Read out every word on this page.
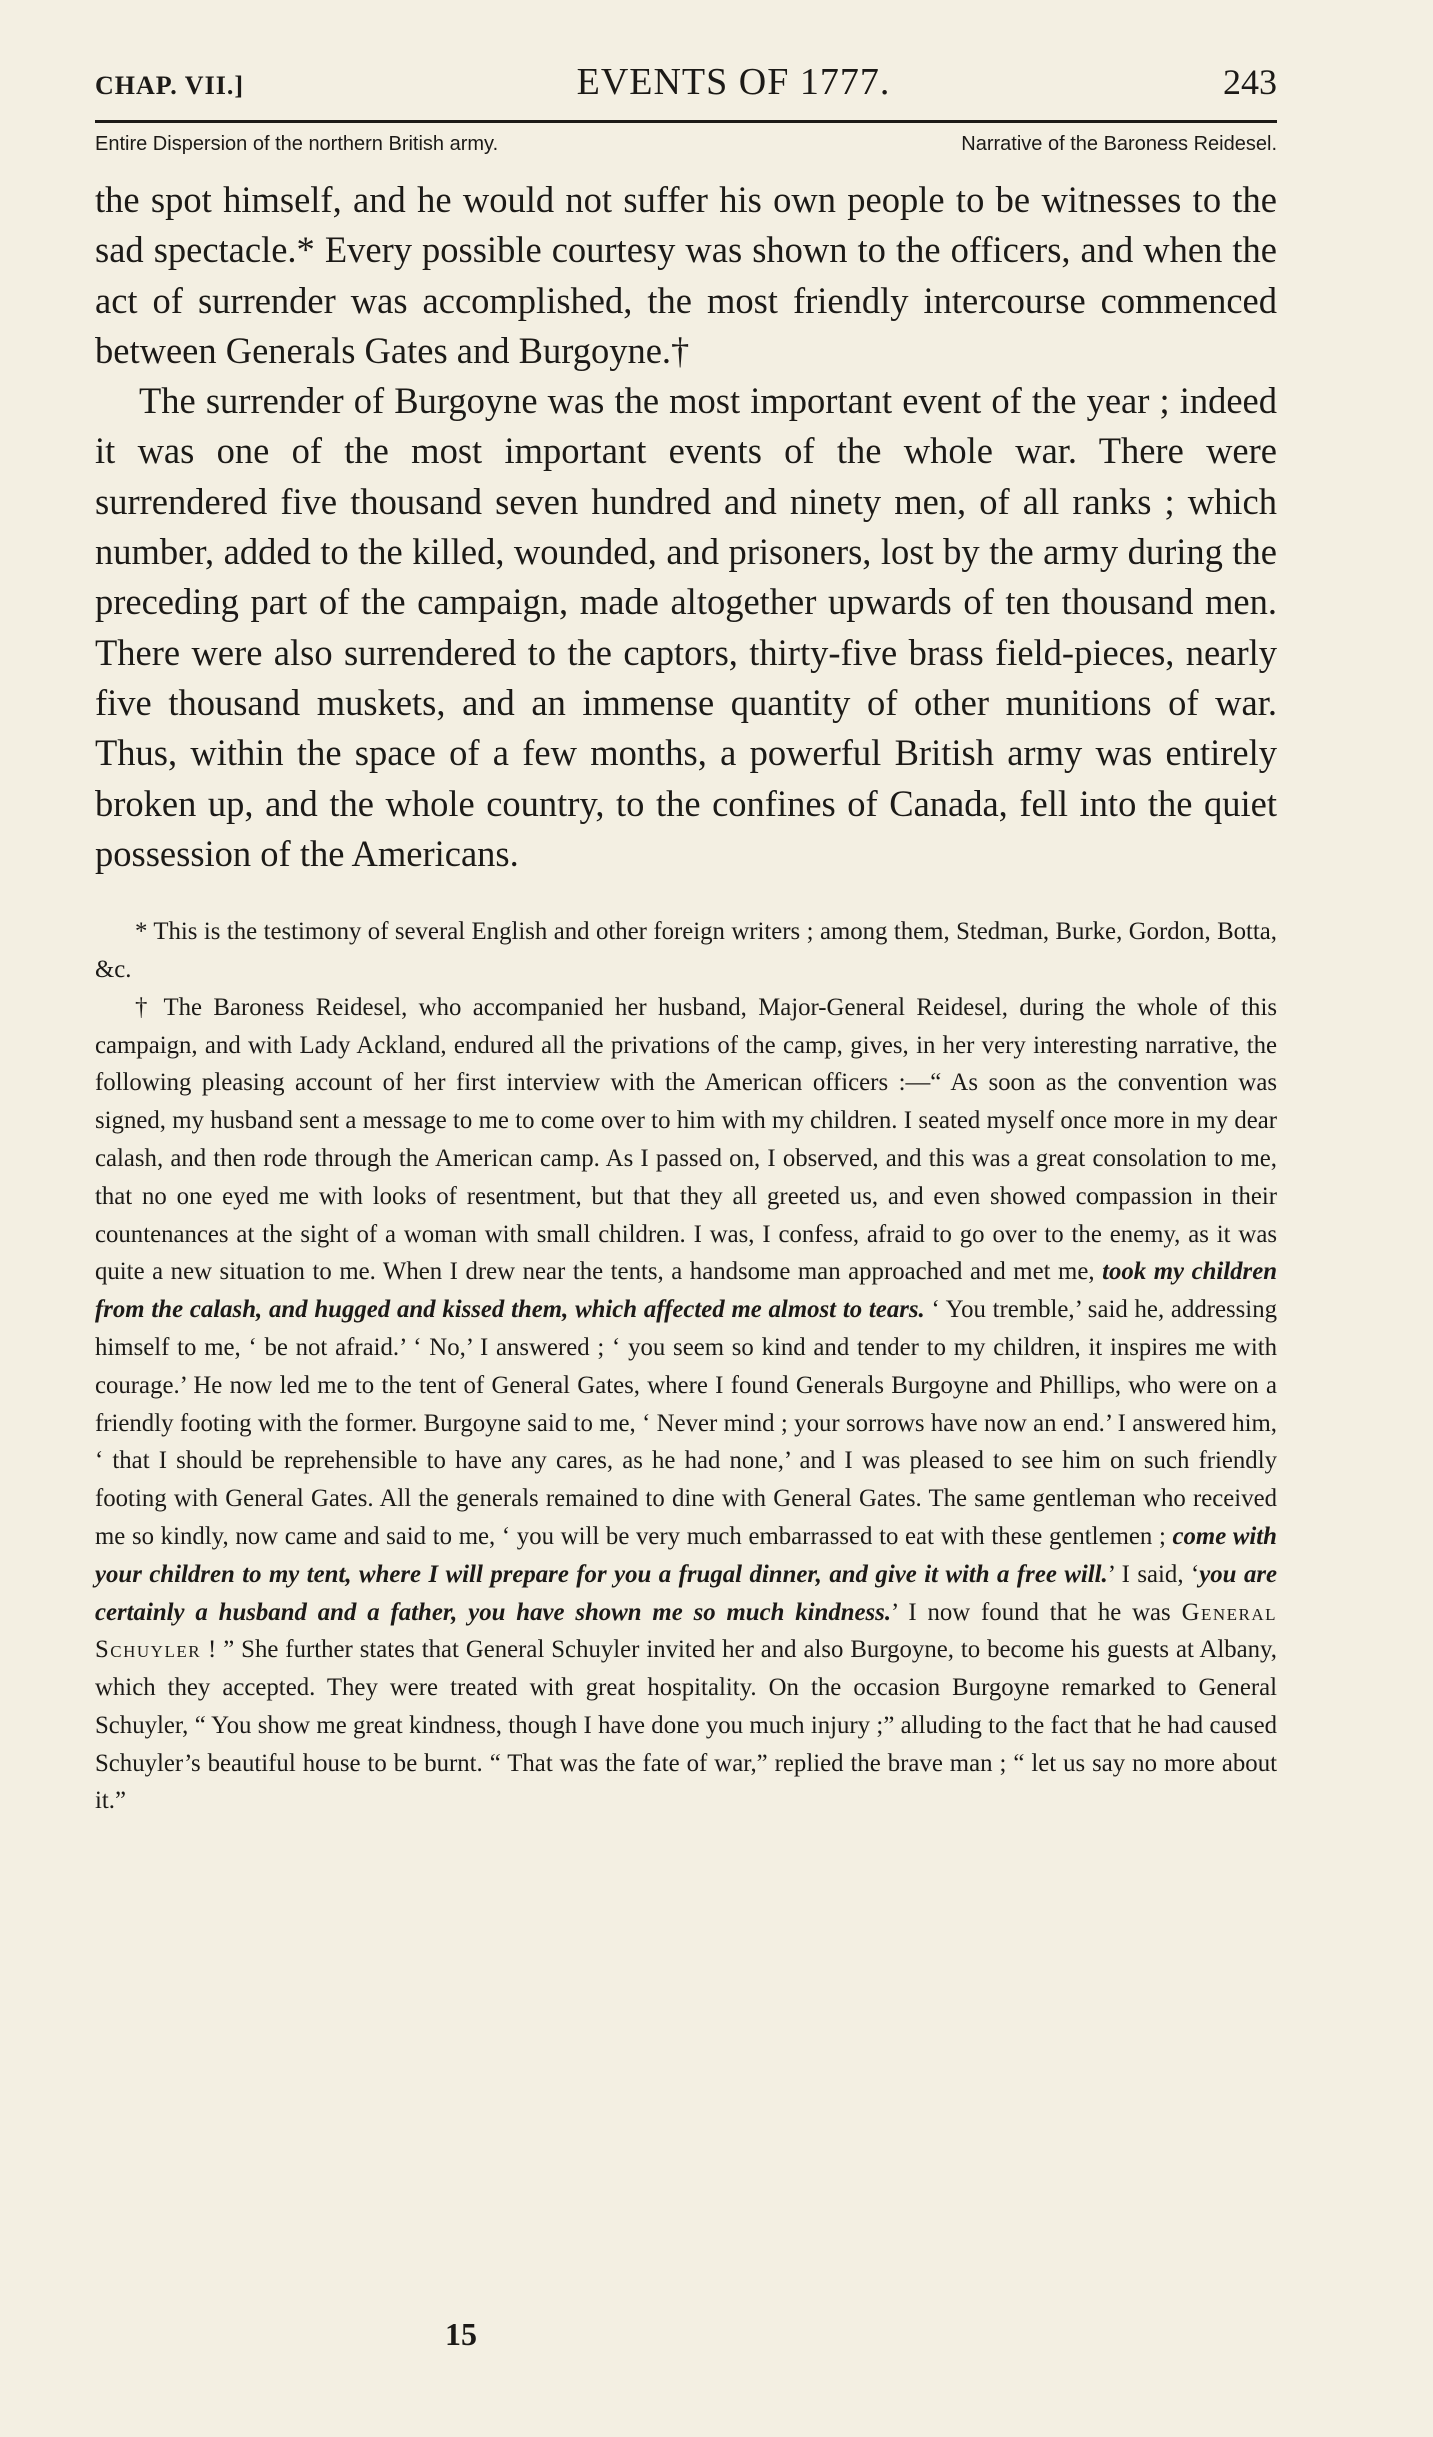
CHAP. VII.]	EVENTS OF 1777.	243
Entire Dispersion of the northern British army.	Narrative of the Baroness Reidesel.

the spot himself, and he would not suffer his own people to be witnesses to the sad spectacle.* Every possible courtesy was shown to the officers, and when the act of surrender was accomplished, the most friendly intercourse commenced between Generals Gates and Burgoyne.†

The surrender of Burgoyne was the most important event of the year ; indeed it was one of the most important events of the whole war. There were surrendered five thousand seven hundred and ninety men, of all ranks ; which number, added to the killed, wounded, and prisoners, lost by the army during the preceding part of the campaign, made altogether upwards of ten thousand men. There were also surrendered to the captors, thirty-five brass field-pieces, nearly five thousand muskets, and an immense quantity of other munitions of war. Thus, within the space of a few months, a powerful British army was entirely broken up, and the whole country, to the confines of Canada, fell into the quiet possession of the Americans.

* This is the testimony of several English and other foreign writers ; among them, Stedman, Burke, Gordon, Botta, &c.

† The Baroness Reidesel, who accompanied her husband, Major-General Reidesel, during the whole of this campaign, and with Lady Ackland, endured all the privations of the camp, gives, in her very interesting narrative, the following pleasing account of her first interview with the American officers :—“ As soon as the convention was signed, my husband sent a message to me to come over to him with my children. I seated myself once more in my dear calash, and then rode through the American camp. As I passed on, I observed, and this was a great consolation to me, that no one eyed me with looks of resentment, but that they all greeted us, and even showed compassion in their countenances at the sight of a woman with small children. I was, I confess, afraid to go over to the enemy, as it was quite a new situation to me. When I drew near the tents, a handsome man approached and met me, took my children from the calash, and hugged and kissed them, which affected me almost to tears. ‘ You tremble,’ said he, addressing himself to me, ‘ be not afraid.’ ‘ No,’ I answered ; ‘ you seem so kind and tender to my children, it inspires me with courage.’ He now led me to the tent of General Gates, where I found Generals Burgoyne and Phillips, who were on a friendly footing with the former. Burgoyne said to me, ‘ Never mind ; your sorrows have now an end.’ I answered him, ‘ that I should be reprehensible to have any cares, as he had none,’ and I was pleased to see him on such friendly footing with General Gates. All the generals remained to dine with General Gates. The same gentleman who received me so kindly, now came and said to me, ‘ you will be very much embarrassed to eat with these gentlemen ; come with your children to my tent, where I will prepare for you a frugal dinner, and give it with a free will.’ I said, ‘you are certainly a husband and a father, you have shown me so much kindness.’ I now found that he was General Schuyler ! ” She further states that General Schuyler invited her and also Burgoyne, to become his guests at Albany, which they accepted. They were treated with great hospitality. On the occasion Burgoyne remarked to General Schuyler, “ You show me great kindness, though I have done you much injury ;” alluding to the fact that he had caused Schuyler’s beautiful house to be burnt. “ That was the fate of war,” replied the brave man ; “ let us say no more about it.”

15
